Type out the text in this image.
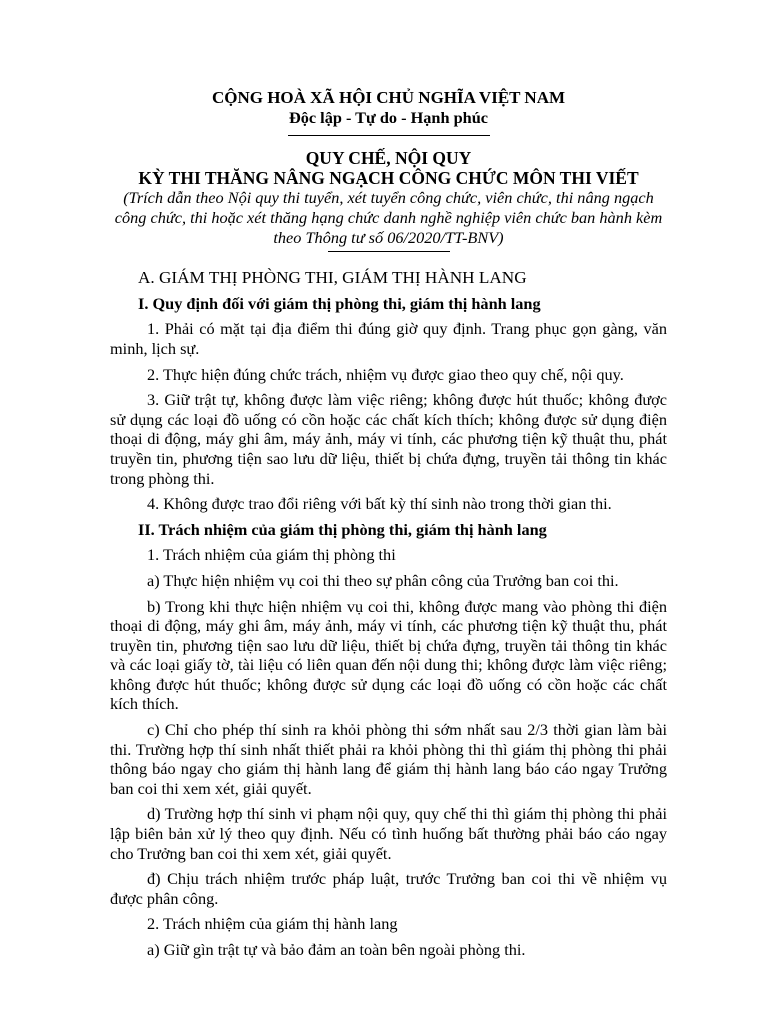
CỘNG HOÀ XÃ HỘI CHỦ NGHĨA VIỆT NAM
Độc lập - Tự do - Hạnh phúc
QUY CHẾ, NỘI QUY
KỲ THI THĂNG NÂNG NGẠCH CÔNG CHỨC MÔN THI VIẾT
(Trích dẫn theo Nội quy thi tuyển, xét tuyển công chức, viên chức, thi nâng ngạch công chức, thi hoặc xét thăng hạng chức danh nghề nghiệp viên chức ban hành kèm theo Thông tư số 06/2020/TT-BNV)
A. GIÁM THỊ PHÒNG THI, GIÁM THỊ HÀNH LANG
I. Quy định đối với giám thị phòng thi, giám thị hành lang
1. Phải có mặt tại địa điểm thi đúng giờ quy định. Trang phục gọn gàng, văn minh, lịch sự.
2. Thực hiện đúng chức trách, nhiệm vụ được giao theo quy chế, nội quy.
3. Giữ trật tự, không được làm việc riêng; không được hút thuốc; không được sử dụng các loại đồ uống có cồn hoặc các chất kích thích; không được sử dụng điện thoại di động, máy ghi âm, máy ảnh, máy vi tính, các phương tiện kỹ thuật thu, phát truyền tin, phương tiện sao lưu dữ liệu, thiết bị chứa đựng, truyền tải thông tin khác trong phòng thi.
4. Không được trao đổi riêng với bất kỳ thí sinh nào trong thời gian thi.
II. Trách nhiệm của giám thị phòng thi, giám thị hành lang
1. Trách nhiệm của giám thị phòng thi
a) Thực hiện nhiệm vụ coi thi theo sự phân công của Trưởng ban coi thi.
b) Trong khi thực hiện nhiệm vụ coi thi, không được mang vào phòng thi điện thoại di động, máy ghi âm, máy ảnh, máy vi tính, các phương tiện kỹ thuật thu, phát truyền tin, phương tiện sao lưu dữ liệu, thiết bị chứa đựng, truyền tải thông tin khác và các loại giấy tờ, tài liệu có liên quan đến nội dung thi; không được làm việc riêng; không được hút thuốc; không được sử dụng các loại đồ uống có cồn hoặc các chất kích thích.
c) Chỉ cho phép thí sinh ra khỏi phòng thi sớm nhất sau 2/3 thời gian làm bài thi. Trường hợp thí sinh nhất thiết phải ra khỏi phòng thi thì giám thị phòng thi phải thông báo ngay cho giám thị hành lang để giám thị hành lang báo cáo ngay Trưởng ban coi thi xem xét, giải quyết.
d) Trường hợp thí sinh vi phạm nội quy, quy chế thi thì giám thị phòng thi phải lập biên bản xử lý theo quy định. Nếu có tình huống bất thường phải báo cáo ngay cho Trưởng ban coi thi xem xét, giải quyết.
đ) Chịu trách nhiệm trước pháp luật, trước Trưởng ban coi thi về nhiệm vụ được phân công.
2. Trách nhiệm của giám thị hành lang
a) Giữ gìn trật tự và bảo đảm an toàn bên ngoài phòng thi.
